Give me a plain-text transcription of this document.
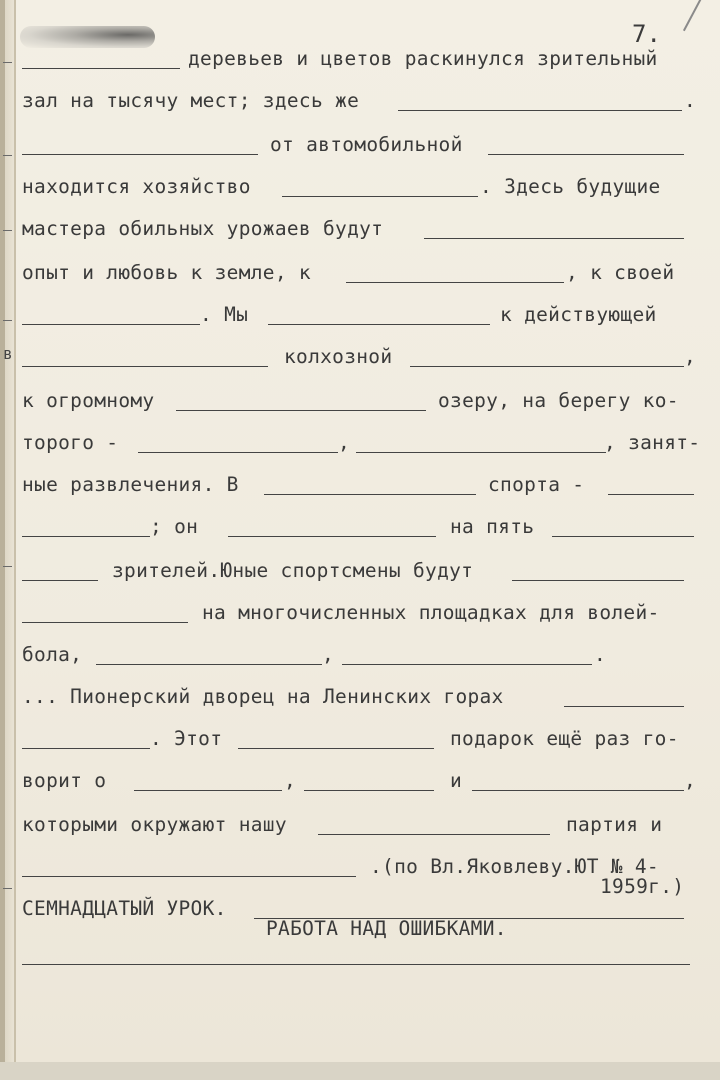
7.
в
деревьев и цветов раскинулся зрительный
зал на тысячу мест; здесь же	.
от автомобильной
находится хозяйство	. Здесь будущие
мастера обильных урожаев будут
опыт и любовь к земле, к	, к своей
. Мы	к действующей
колхозной	,
к огромному	озеру, на берегу ко-
торого -	,	, занят-
ные развлечения. В	спорта -
; он	на пять
зрителей.Юные спортсмены будут
на многочисленных площадках для волей-
бола,	,	.
... Пионерский дворец на Ленинских горах
. Этот	подарок ещё раз го-
ворит о	,	и	,
которыми окружают нашу	партия и
.(по Вл.Яковлеву.ЮТ № 4-
1959г.)
СЕМНАДЦАТЫЙ УРОК.
РАБОТА НАД ОШИБКАМИ.
